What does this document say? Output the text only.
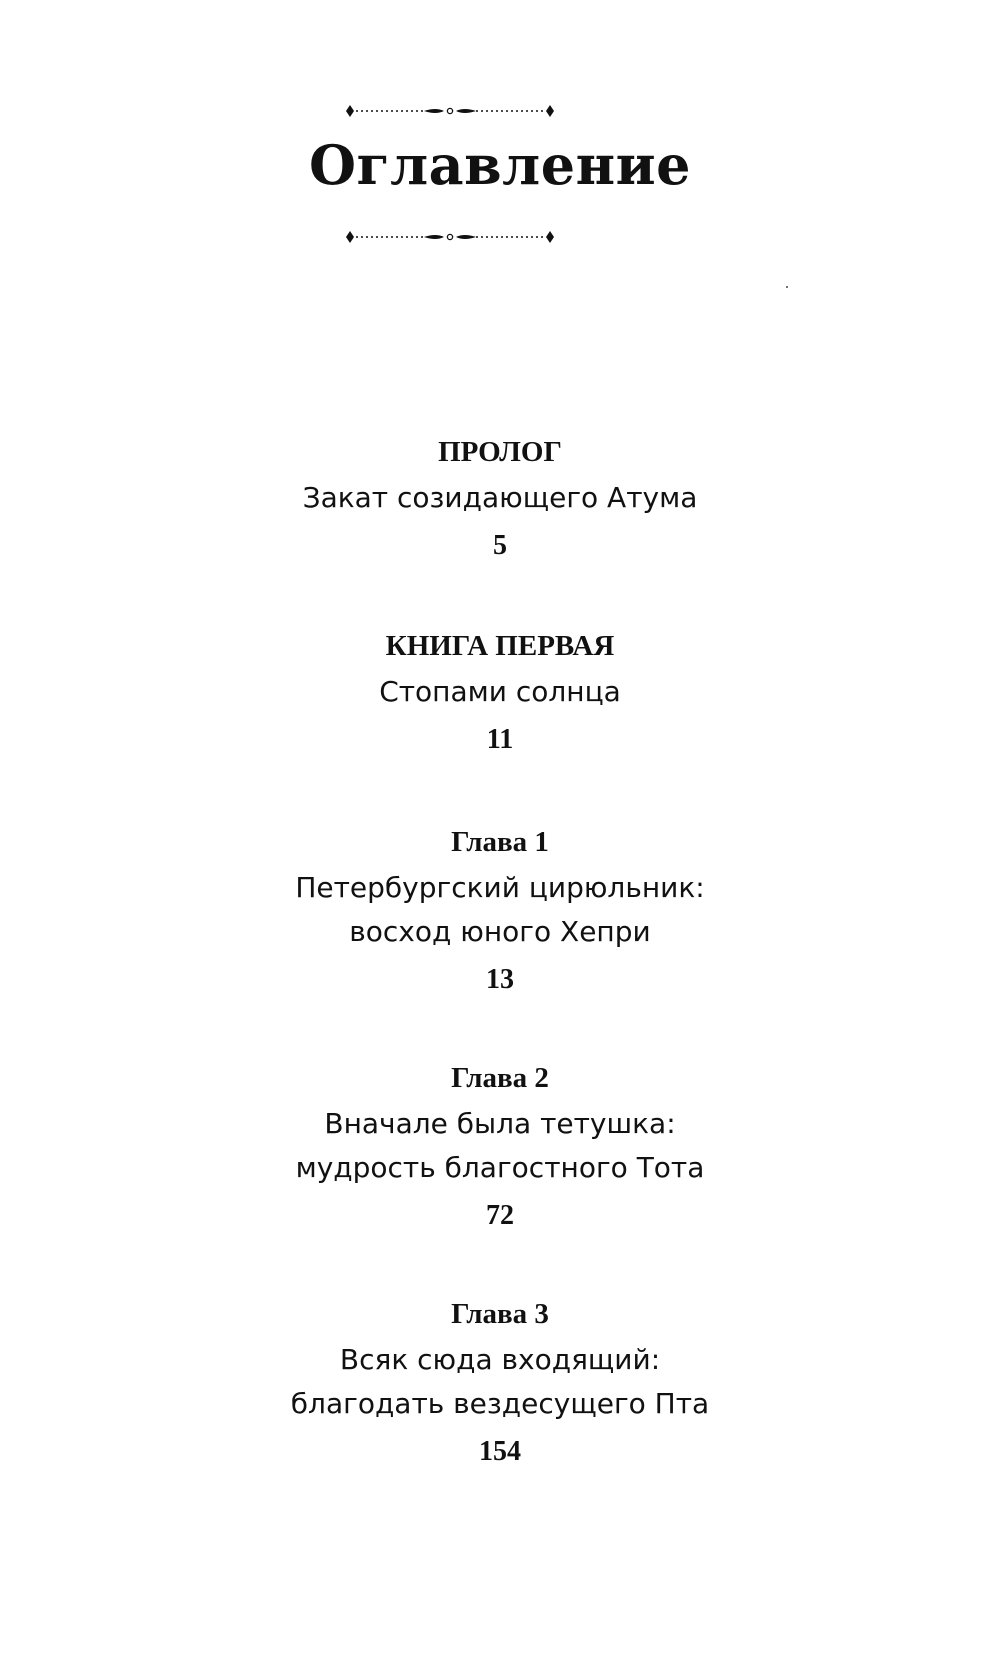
Оглавление

ПРОЛОГ

Закат созидающего Атума

5

КНИГА ПЕРВАЯ

Стопами солнца

11

Глава 1

Петербургский цирюльник:

восход юного Хепри

13

Глава 2

Вначале была тетушка:

мудрость благостного Тота

72

Глава 3

Всяк сюда входящий:

благодать вездесущего Пта

154
